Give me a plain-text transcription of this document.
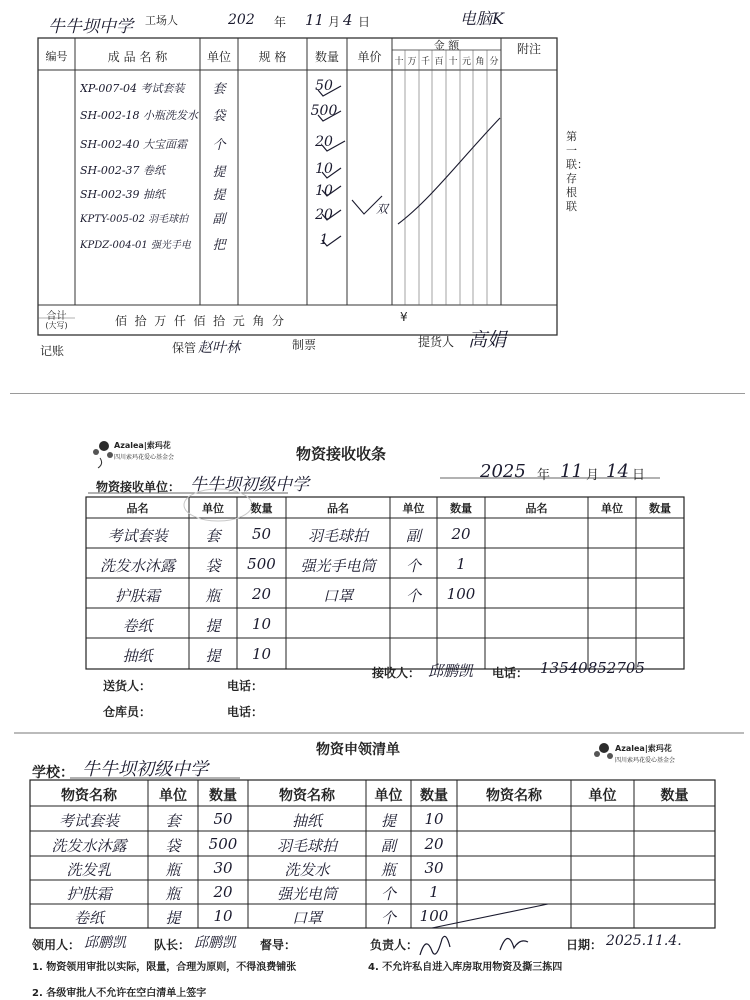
牛牛坝中学 工场人	202 年 11 月 4 日	电脑K
编号	成 品 名 称	单位	规 格	数量	单价
金 额	附注
十 万 千 百 十 元 角 分
XP-007-04 考试套装	套	50
SH-002-18 小瓶洗发水	袋	500
SH-002-40 大宝面霜	个	20
SH-002-37 卷纸	提	10
SH-002-39 抽纸	提	10
KPTY-005-02 羽毛球拍	副	20
KPDZ-004-01 强光手电	把	1
双
合计
(大写)	佰  拾  万  仟  佰  拾  元  角  分	¥
记账	保管 赵叶林	制票	提货人 高娟
第一联：存根联
Azalea|索玛花
四川索玛花爱心基金会	物资接收收条
物资接收单位： 牛牛坝初级中学
2025 年 11 月 14 日
品名	单位	数量	品名	单位	数量	品名	单位	数量
考试套装	套	50	羽毛球拍	副	20
洗发水沐露	袋	500	强光手电筒	个	1
护肤霜	瓶	20	口罩	个	100
卷纸	提	10
抽纸	提	10
接收人： 邱鹏凯 电话： 13540852705
送货人：	电话：
仓库员：	电话：
物资申领清单	Azalea|索玛花
四川索玛花爱心基金会
学校： 牛牛坝初级中学
物资名称	单位	数量	物资名称	单位	数量	物资名称	单位	数量
考试套装	套	50	抽纸	提	10
洗发水沐露	袋	500	羽毛球拍	副	20
洗发乳	瓶	30	洗发水	瓶	30
护肤霜	瓶	20	强光电筒	个	1
卷纸	提	10	口罩	个	100
领用人： 邱鹏凯 队长： 邱鹏凯 督导：	负责人：	日期： 2025.11.4.
1. 物资领用审批以实际，限量，合理为原则，不得浪费铺张	4. 不允许私自进入库房取用物资及撕三拣四
2. 各级审批人不允许在空白清单上签字
